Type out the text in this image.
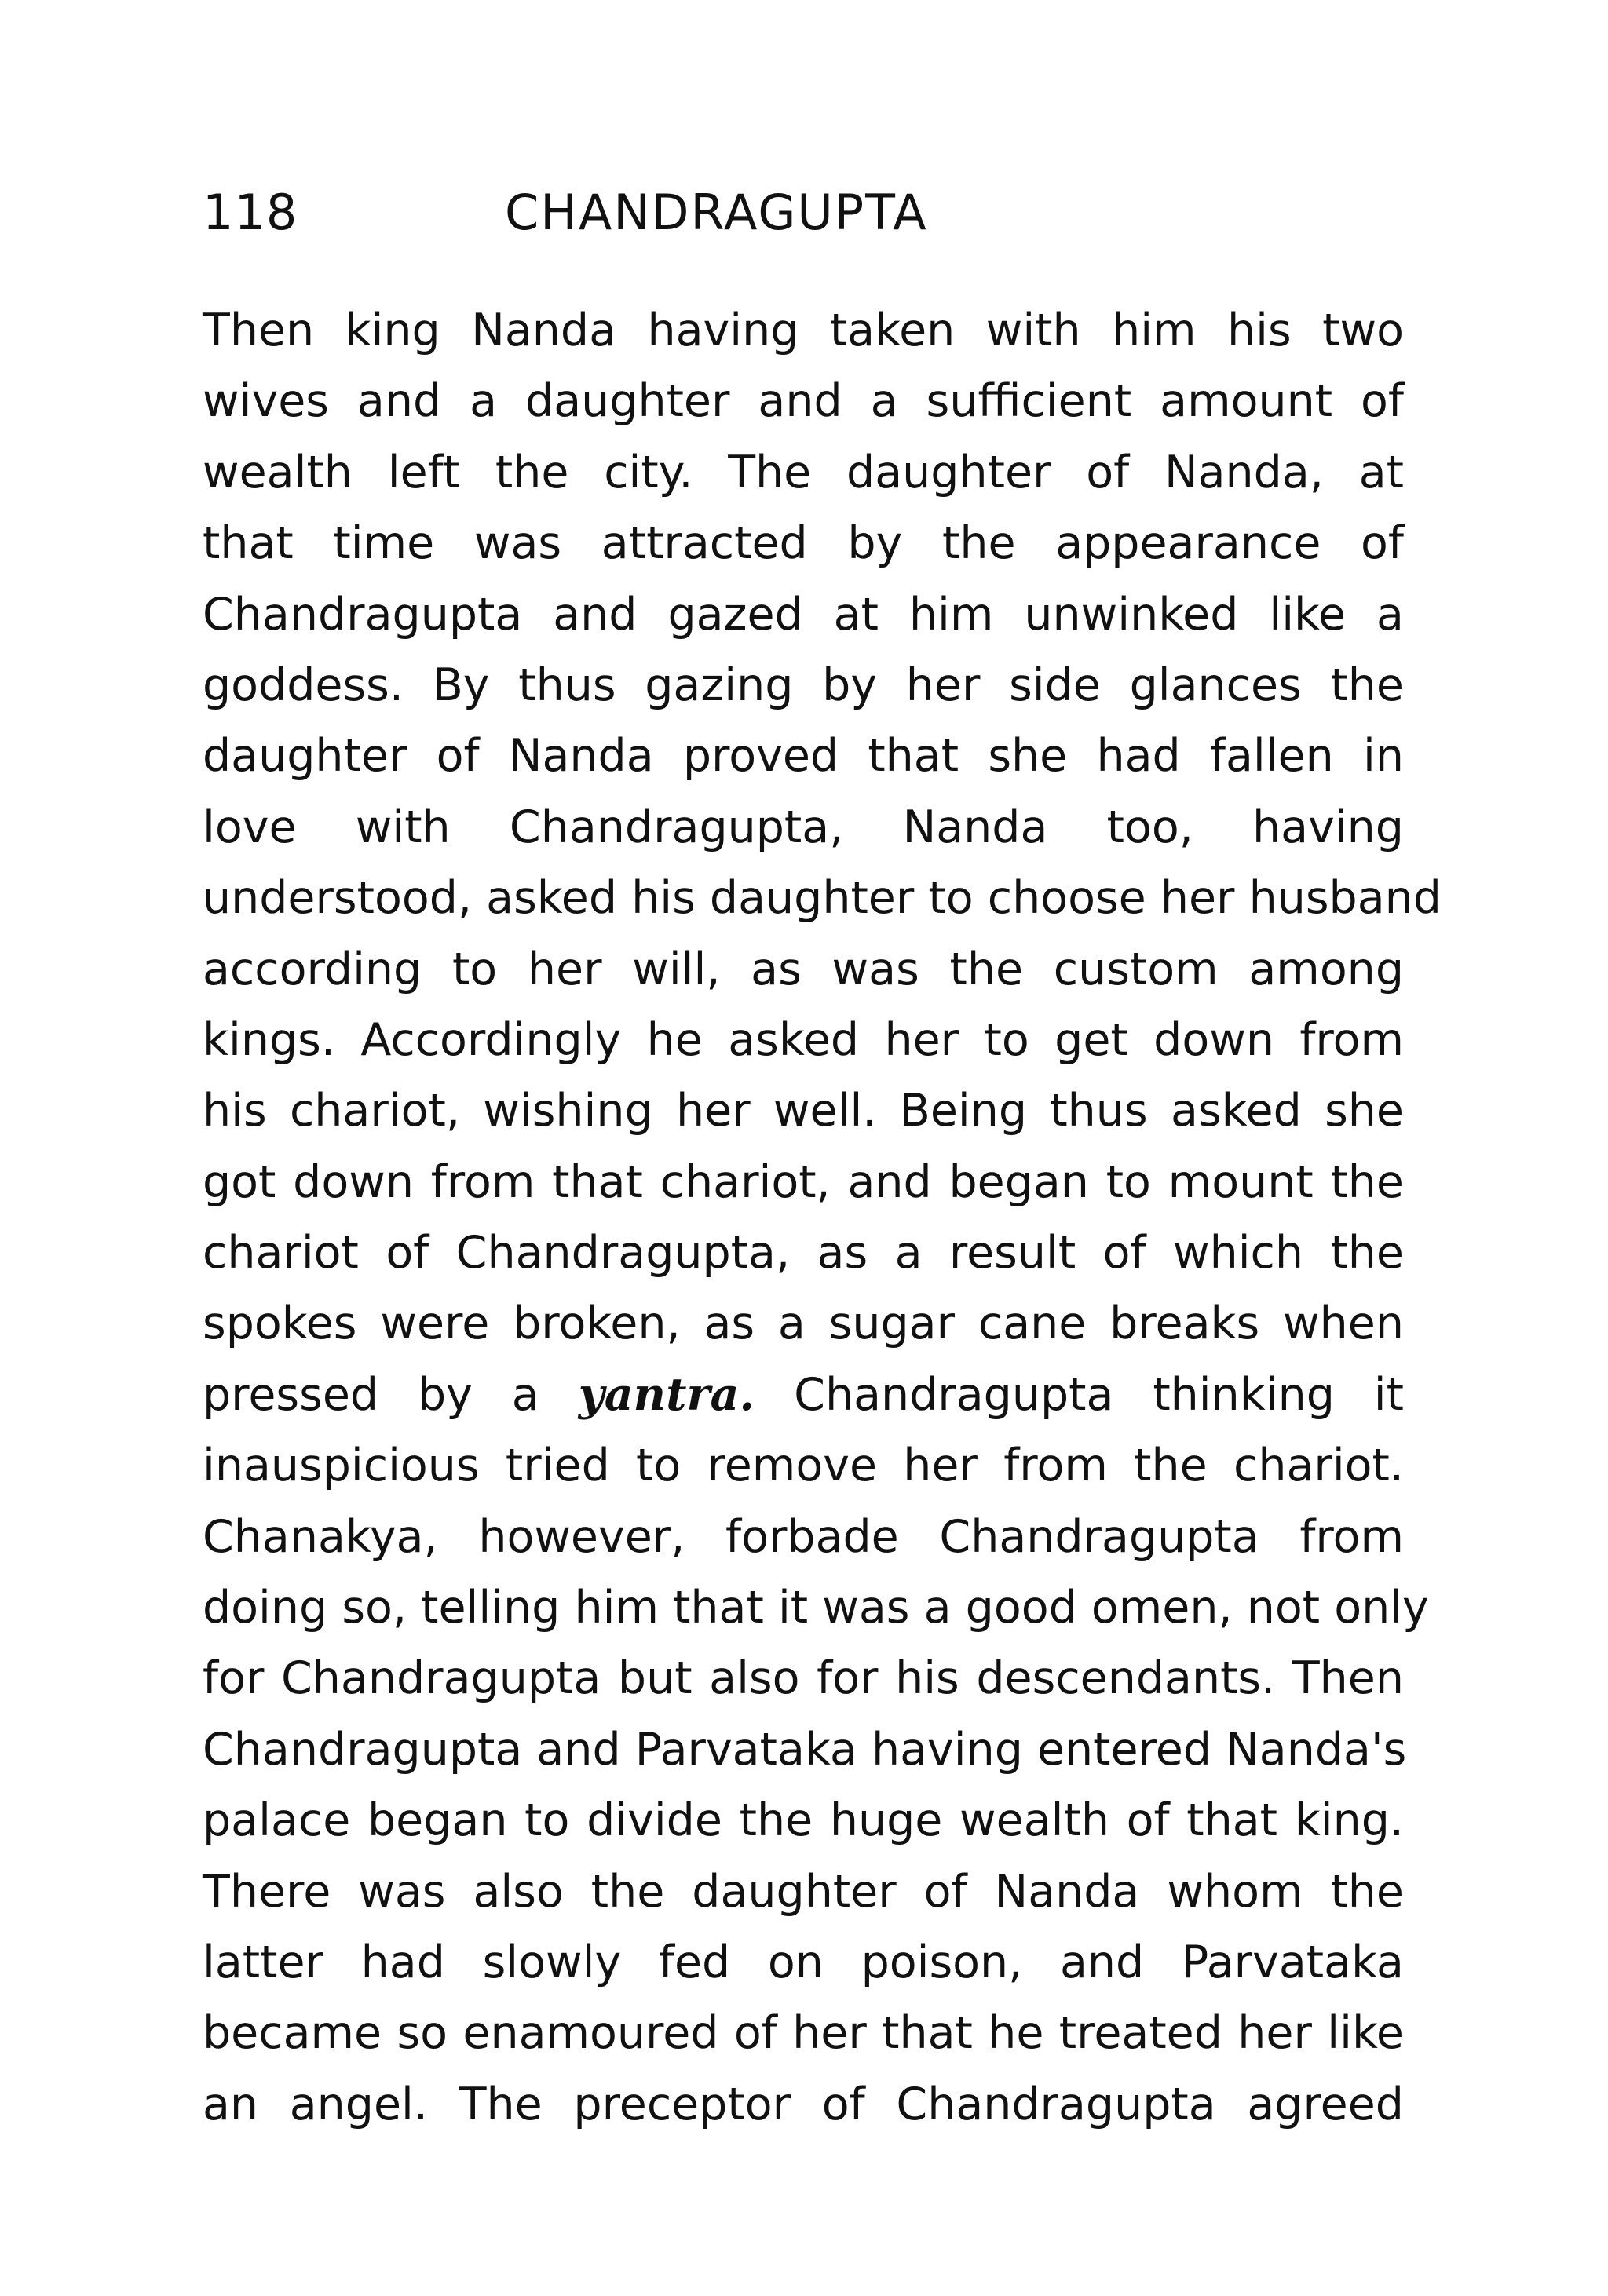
118	CHANDRAGUPTA
Then king Nanda having taken with him his two
wives and a daughter and a sufficient amount of
wealth left the city. The daughter of Nanda, at
that time was attracted by the appearance of
Chandragupta and gazed at him unwinked like a
goddess. By thus gazing by her side glances the
daughter of Nanda proved that she had fallen in
love with Chandragupta, Nanda too, having
understood, asked his daughter to choose her husband
according to her will, as was the custom among
kings. Accordingly he asked her to get down from
his chariot, wishing her well. Being thus asked she
got down from that chariot, and began to mount the
chariot of Chandragupta, as a result of which the
spokes were broken, as a sugar cane breaks when
pressed by a yantra. Chandragupta thinking it
inauspicious tried to remove her from the chariot.
Chanakya, however, forbade Chandragupta from
doing so, telling him that it was a good omen, not only
for Chandragupta but also for his descendants. Then
Chandragupta and Parvataka having entered Nanda's
palace began to divide the huge wealth of that king.
There was also the daughter of Nanda whom the
latter had slowly fed on poison, and Parvataka
became so enamoured of her that he treated her like
an angel. The preceptor of Chandragupta agreed
